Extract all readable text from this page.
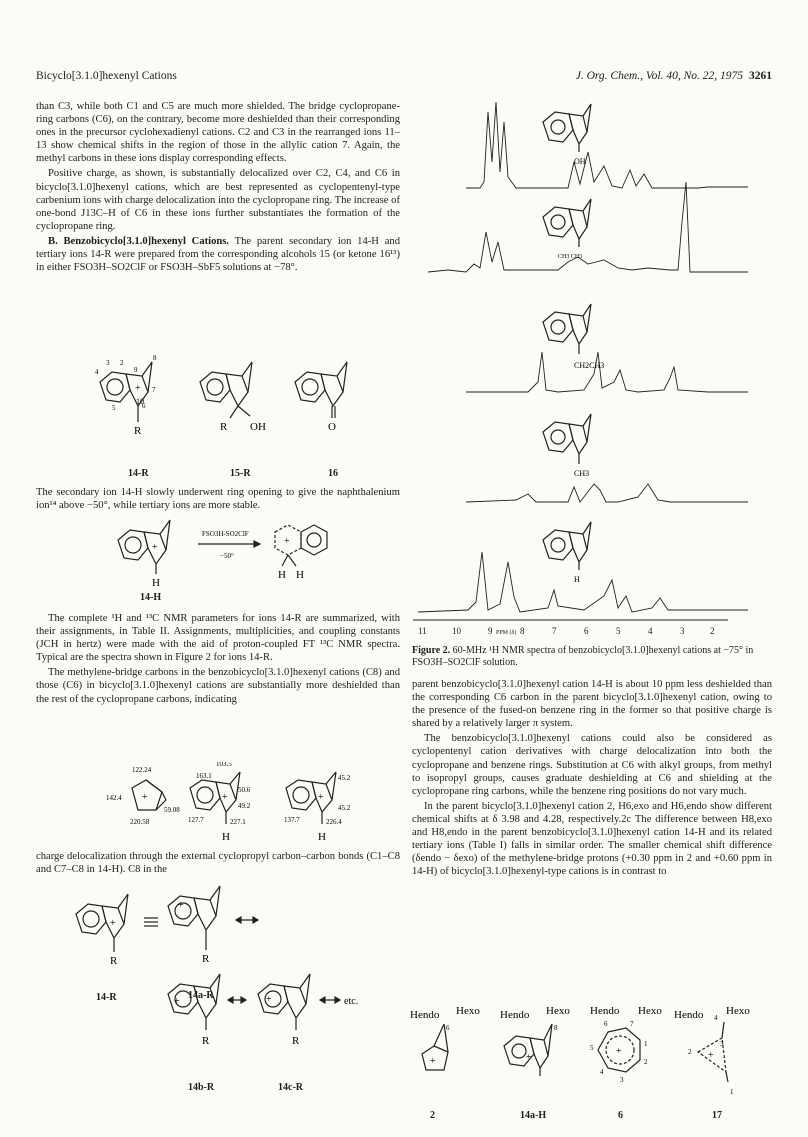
Bicyclo[3.1.0]hexenyl Cations	J. Org. Chem., Vol. 40, No. 22, 1975 3261

than C3, while both C1 and C5 are much more shielded. The bridge cyclopropane-ring carbons (C6), on the contrary, become more deshielded than their corresponding ones in the precursor cyclohexadienyl cations. C2 and C3 in the rearranged ions 11–13 show chemical shifts in the region of those in the allylic cation 7. Again, the methyl carbons in these ions display corresponding effects.

Positive charge, as shown, is substantially delocalized over C2, C4, and C6 in bicyclo[3.1.0]hexenyl cations, which are best represented as cyclopentenyl-type carbenium ions with charge delocalization into the cyclopropane ring. The increase of one-bond J13C–H of C6 in these ions further substantiates the formation of the cyclopropane ring.

B. Benzobicyclo[3.1.0]hexenyl Cations. The parent secondary ion 14-H and tertiary ions 14-R were prepared from the corresponding alcohols 15 (or ketone 16¹³) in either FSO3H–SO2ClF or FSO3H–SbF5 solutions at −78°.

10
+
4
3 2
9
8
7
6
5
R	R OH	O
14-R	15-R	16

The secondary ion 14-H slowly underwent ring opening to give the naphthalenium ion¹⁴ above −50°, while tertiary ions are more stable.

+
+
H
H H
FSO3H-SO2ClF
−50°
14-H

The complete ¹H and ¹³C NMR parameters for ions 14-R are summarized, with their assignments, in Table II. Assignments, multiplicities, and coupling constants (JCH in hertz) were made with the aid of proton-coupled FT ¹³C NMR spectra. Typical are the spectra shown in Figure 2 for ions 14-R.

The methylene-bridge carbons in the benzobicyclo[3.1.0]hexenyl cations (C8) and those (C6) in bicyclo[3.1.0]hexenyl cations are substantially more deshielded than the rest of the cyclopropane carbons, indicating

+	+	+
122.24
142.4
59.08
220.58
103.5
163.1
50.6
49.2
127.7	227.1
45.2
45.2
137.7	226.4
H	H

charge delocalization through the external cyclopropyl carbon–carbon bonds (C1–C8 and C7–C8 in 14-H). C8 in the

+
+
+	+
R	R
R	R
etc.
14-R	14a-R
14b-R	14c-R
OH
CH3 CH3
CH2CH3
CH3
H
11	10	9	8	7	6	5	4	3	2
PPM (δ)
Figure 2. 60-MHz ¹H NMR spectra of benzobicyclo[3.1.0]hexenyl cations at −75° in FSO3H–SO2ClF solution.

parent benzobicyclo[3.1.0]hexenyl cation 14-H is about 10 ppm less deshielded than the corresponding C6 carbon in the parent bicyclo[3.1.0]hexenyl cation, owing to the presence of the fused-on benzene ring in the former so that positive charge is shared by a relatively larger π system.

The benzobicyclo[3.1.0]hexenyl cations could also be considered as cyclopentenyl cation derivatives with charge delocalization into both the cyclopropane and benzene rings. Substitution at C6 with alkyl groups, from methyl to isopropyl groups, causes graduate deshielding at C6 and shielding at the cyclopropane ring carbons, while the benzene ring positions do not vary much.

In the parent bicyclo[3.1.0]hexenyl cation 2, H6,exo and H6,endo show different chemical shifts at δ 3.98 and 4.28, respectively.2c The difference between H8,exo and H8,endo in the parent benzobicyclo[3.1.0]hexenyl cation 14-H and its related tertiary ions (Table I) falls in similar order. The smaller chemical shift difference (δendo − δexo) of the methylene-bridge protons (+0.30 ppm in 2 and +0.60 ppm in 14-H) of bicyclo[3.1.0]hexenyl-type cations is in contrast to

+	+
+	+
Hendo Hexo Hendo Hexo Hendo Hexo Hendo Hexo
6	8	6	7
1
2
3
4
5
4
3
2
1
2	14a-H	6	17
